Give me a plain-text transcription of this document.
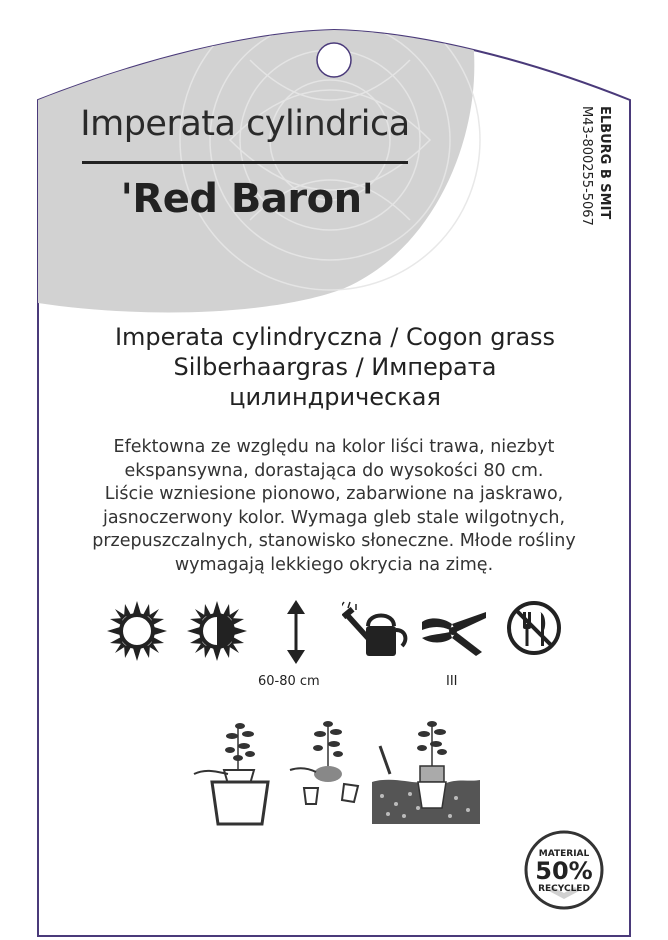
Imperata cylindrica
'Red Baron'	ELBURG B SMIT
M43-800255-5067
Imperata cylindryczna / Cogon grass
Silberhaargras / Императа
цилиндрическая
Efektowna ze względu na kolor liści trawa, niezbyt
ekspansywna, dorastająca do wysokości 80 cm.
Liście wzniesione pionowo, zabarwione na jaskrawo,
jasnoczerwony kolor. Wymaga gleb stale wilgotnych,
przepuszczalnych, stanowisko słoneczne. Młode rośliny
wymagają lekkiego okrycia na zimę.
60-80 cm	III
MATERIAL
50%
RECYCLED
